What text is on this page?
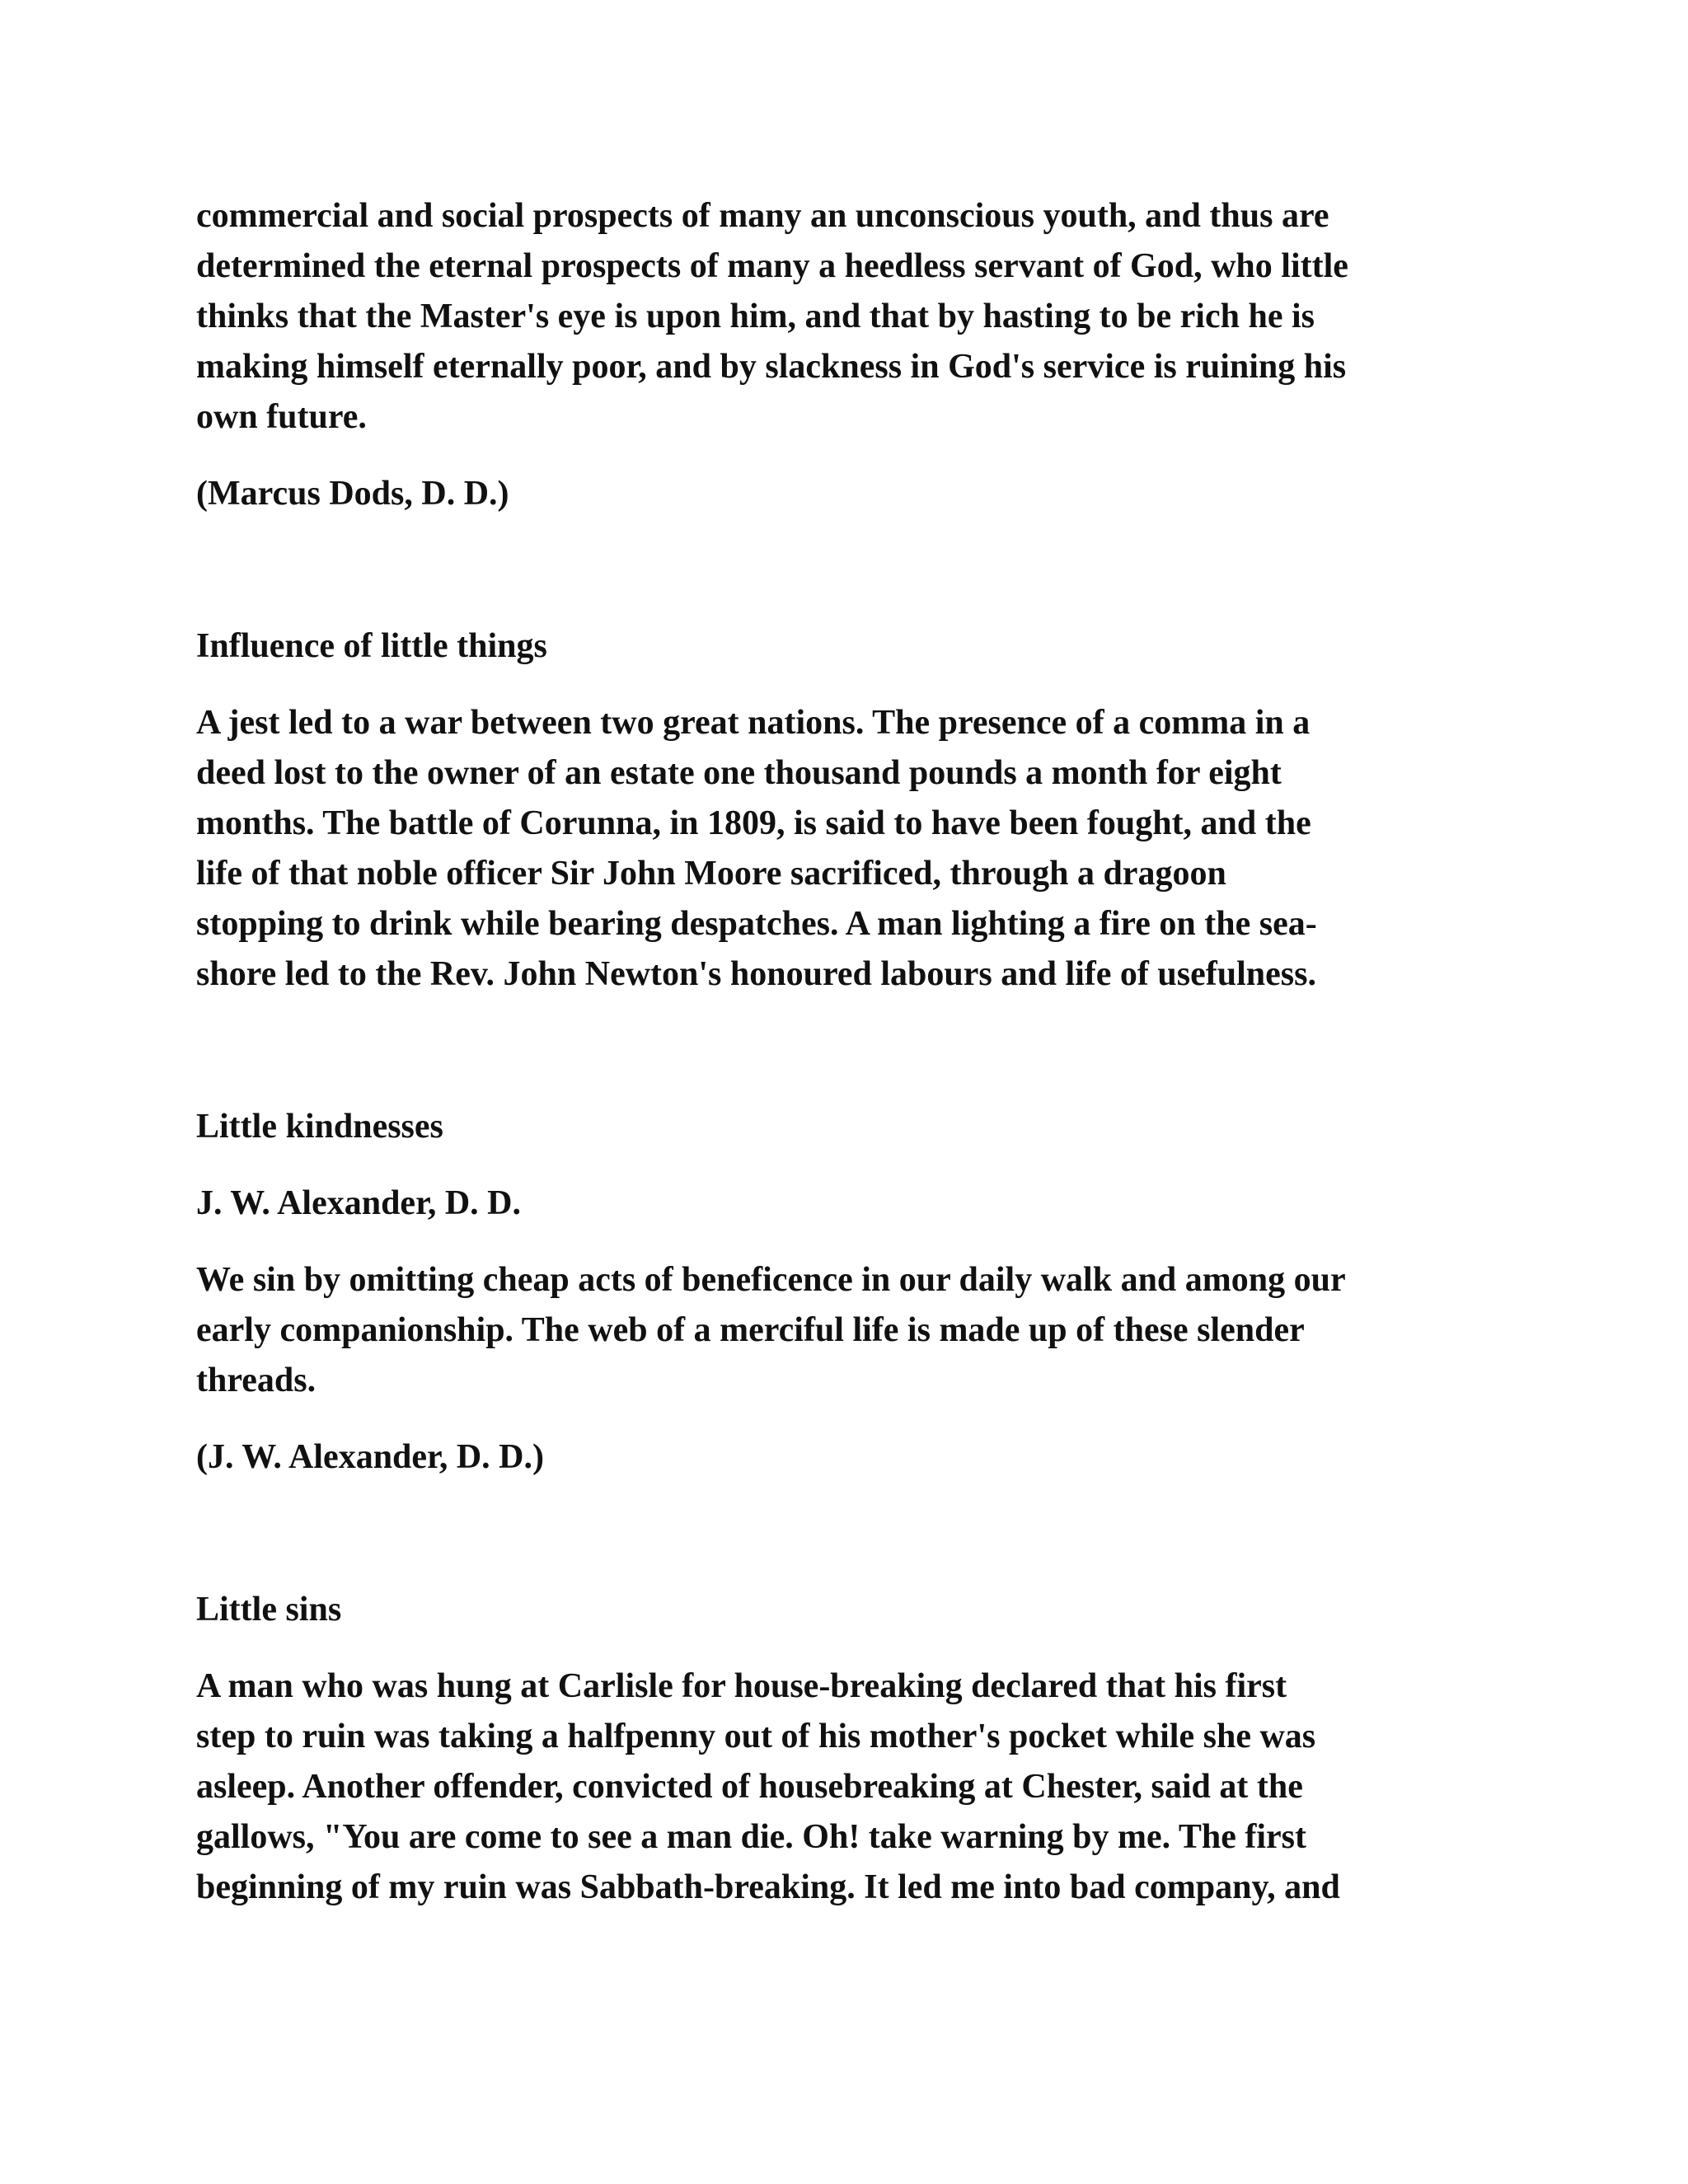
commercial and social prospects of many an unconscious youth, and thus are
determined the eternal prospects of many a heedless servant of God, who little
thinks that the Master's eye is upon him, and that by hasting to be rich he is
making himself eternally poor, and by slackness in God's service is ruining his
own future.
(Marcus Dods, D. D.)
Influence of little things
A jest led to a war between two great nations. The presence of a comma in a
deed lost to the owner of an estate one thousand pounds a month for eight
months. The battle of Corunna, in 1809, is said to have been fought, and the
life of that noble officer Sir John Moore sacrificed, through a dragoon
stopping to drink while bearing despatches. A man lighting a fire on the sea-
shore led to the Rev. John Newton's honoured labours and life of usefulness.
Little kindnesses
J. W. Alexander, D. D.
We sin by omitting cheap acts of beneficence in our daily walk and among our
early companionship. The web of a merciful life is made up of these slender
threads.
(J. W. Alexander, D. D.)
Little sins
A man who was hung at Carlisle for house-breaking declared that his first
step to ruin was taking a halfpenny out of his mother's pocket while she was
asleep. Another offender, convicted of housebreaking at Chester, said at the
gallows, "You are come to see a man die. Oh! take warning by me. The first
beginning of my ruin was Sabbath-breaking. It led me into bad company, and
